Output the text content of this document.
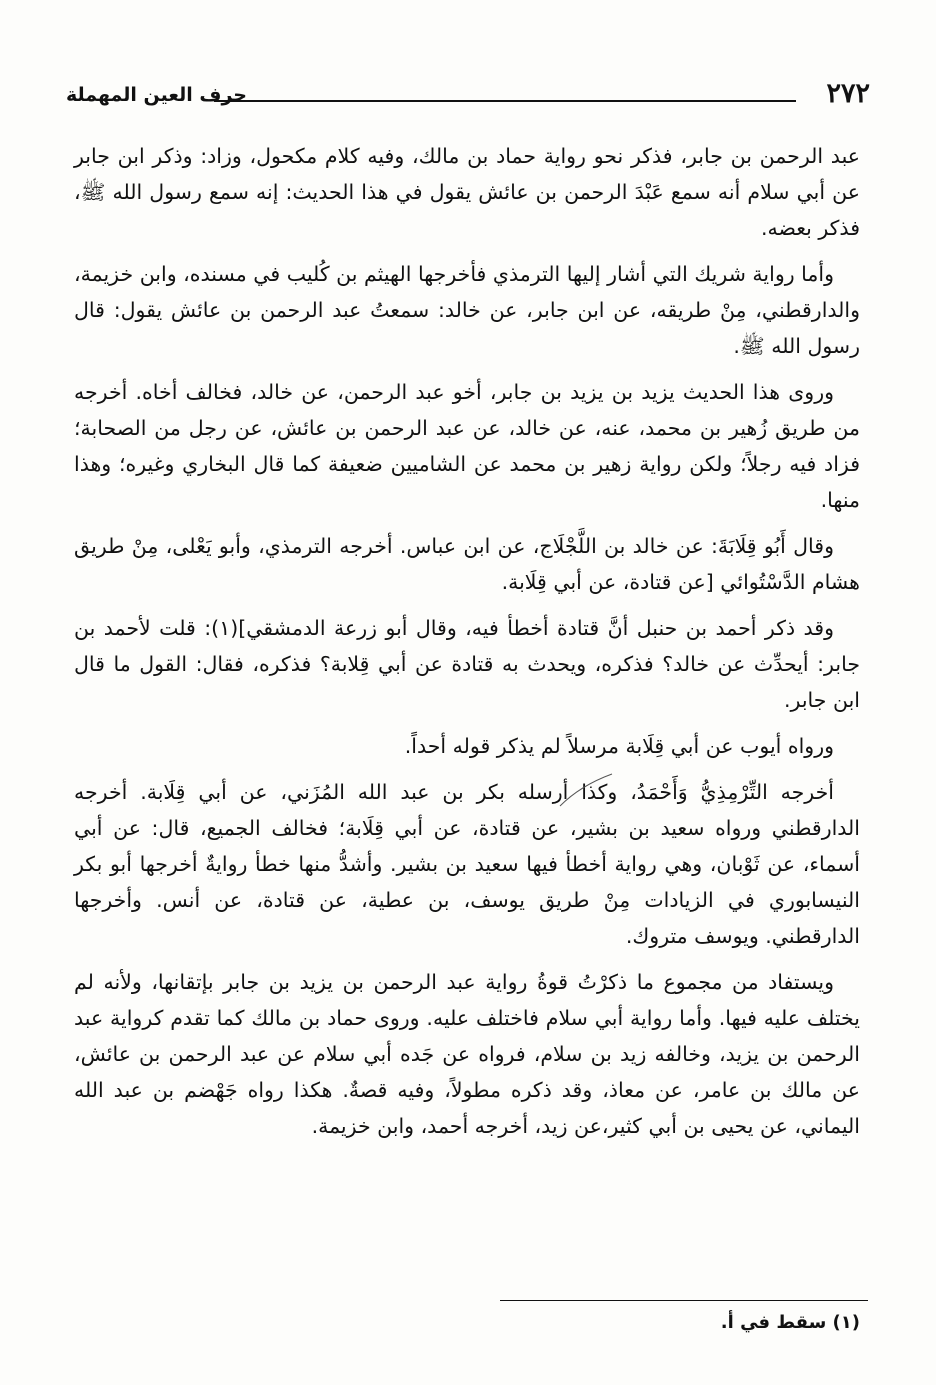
٢٧٢
حرف العين المهملة

عبد الرحمن بن جابر، فذكر نحو رواية حماد بن مالك، وفيه كلام مكحول، وزاد: وذكر ابن جابر عن أبي سلام أنه سمع عَبْدَ الرحمن بن عائش يقول في هذا الحديث: إنه سمع رسول الله ﷺ، فذكر بعضه.

وأما رواية شريك التي أشار إليها الترمذي فأخرجها الهيثم بن كُليب في مسنده، وابن خزيمة، والدارقطني، مِنْ طريقه، عن ابن جابر، عن خالد: سمعتُ عبد الرحمن بن عائش يقول: قال رسول الله ﷺ.

وروى هذا الحديث يزيد بن يزيد بن جابر، أخو عبد الرحمن، عن خالد، فخالف أخاه. أخرجه من طريق زُهير بن محمد، عنه، عن خالد، عن عبد الرحمن بن عائش، عن رجل من الصحابة؛ فزاد فيه رجلاً؛ ولكن رواية زهير بن محمد عن الشاميين ضعيفة كما قال البخاري وغيره؛ وهذا منها.

وقال أَبُو قِلَابَةَ: عن خالد بن اللَّجْلَاج، عن ابن عباس. أخرجه الترمذي، وأبو يَعْلى، مِنْ طريق هشام الدَّسْتُوائي [عن قتادة، عن أبي قِلَابة.

وقد ذكر أحمد بن حنبل أنَّ قتادة أخطأ فيه، وقال أبو زرعة الدمشقي](١): قلت لأحمد بن جابر: أيحدِّث عن خالد؟ فذكره، ويحدث به قتادة عن أبي قِلابة؟ فذكره، فقال: القول ما قال ابن جابر.

ورواه أيوب عن أبي قِلَابة مرسلاً لم يذكر قوله أحداً.

أخرجه التِّرْمِذِيُّ وَأَحْمَدُ، وكذا أرسله بكر بن عبد الله المُزَني، عن أبي قِلَابة. أخرجه الدارقطني ورواه سعيد بن بشير، عن قتادة، عن أبي قِلَابة؛ فخالف الجميع، قال: عن أبي أسماء، عن ثَوْبان، وهي رواية أخطأ فيها سعيد بن بشير. وأشدُّ منها خطأ روايةٌ أخرجها أبو بكر النيسابوري في الزيادات مِنْ طريق يوسف، بن عطية، عن قتادة، عن أنس. وأخرجها الدارقطني. ويوسف متروك.

ويستفاد من مجموع ما ذكرْتُ قوةُ رواية عبد الرحمن بن يزيد بن جابر بإتقانها، ولأنه لم يختلف عليه فيها. وأما رواية أبي سلام فاختلف عليه. وروى حماد بن مالك كما تقدم كرواية عبد الرحمن بن يزيد، وخالفه زيد بن سلام، فرواه عن جَده أبي سلام عن عبد الرحمن بن عائش، عن مالك بن عامر، عن معاذ، وقد ذكره مطولاً، وفيه قصةٌ. هكذا رواه جَهْضم بن عبد الله اليماني، عن يحيى بن أبي كثير،عن زيد، أخرجه أحمد، وابن خزيمة.

(١) سقط في أ.
